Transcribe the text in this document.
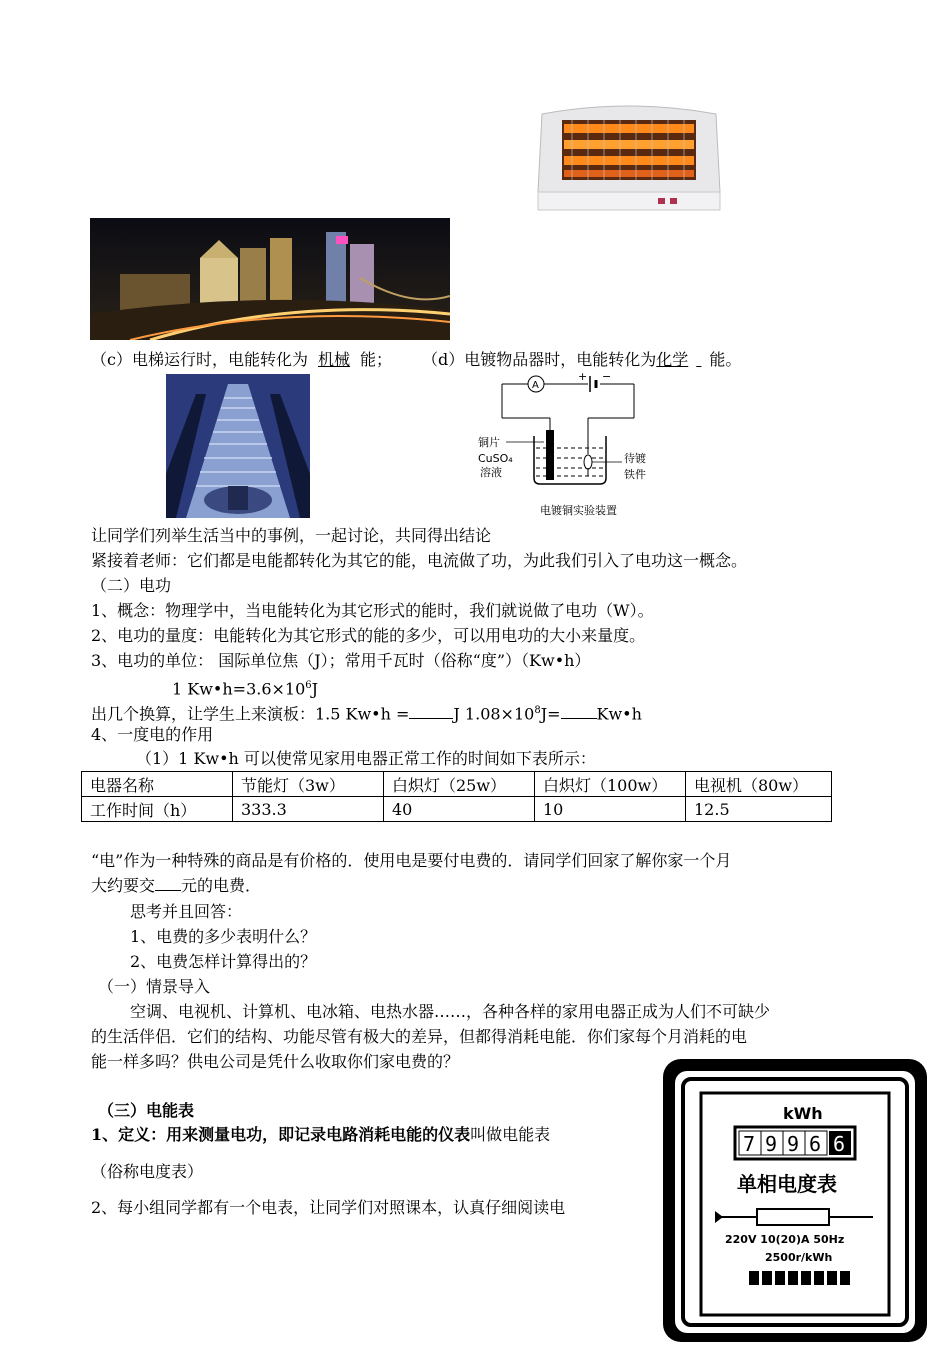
（c）电梯运行时，电能转化为 机械 能； （d）电镀物品器时，电能转化为化学 能。
A
+ −
铜片
CuSO₄
溶液
待镀
铁件
电镀铜实验装置
让同学们列举生活当中的事例，一起讨论，共同得出结论
紧接着老师：它们都是电能都转化为其它的能，电流做了功，为此我们引入了电功这一概念。
（二）电功
1、概念：物理学中，当电能转化为其它形式的能时，我们就说做了电功（W）。
2、电功的量度：电能转化为其它形式的能的多少，可以用电功的大小来量度。
3、电功的单位： 国际单位焦（J）；常用千瓦时（俗称“度”）（Kw•h）
1 $Kw•h=3.6\times 10^6J$
出几个换算，让学生上来演板：1.5 Kw•h =	J $1.08\times 10^8J=$ Kw•h
4、一度电的作用
（1）1 Kw•h 可以使常见家用电器正常工作的时间如下表所示：
电器名称	节能灯（3w）	白炽灯（25w）	白炽灯（100w）	电视机（80w）
工作时间（h）	333.3	40	10	12.5
“电”作为一种特殊的商品是有价格的．使用电是要付电费的．请同学们回家了解你家一个月
大约要交 元的电费．
思考并且回答：
1、电费的多少表明什么？
2、电费怎样计算得出的？
（一）情景导入
空调、电视机、计算机、电冰箱、电热水器……，各种各样的家用电器正成为人们不可缺少
的生活伴侣．它们的结构、功能尽管有极大的差异，但都得消耗电能．你们家每个月消耗的电
能一样多吗？供电公司是凭什么收取你们家电费的？
（三）电能表
1、定义：用来测量电功，即记录电路消耗电能的仪表叫做电能表
（俗称电度表）
2、每小组同学都有一个电表，让同学们对照课本，认真仔细阅读电
kWh
7 9 9 6 6
单相电度表
220V 10(20)A 50Hz
2500r/kWh
